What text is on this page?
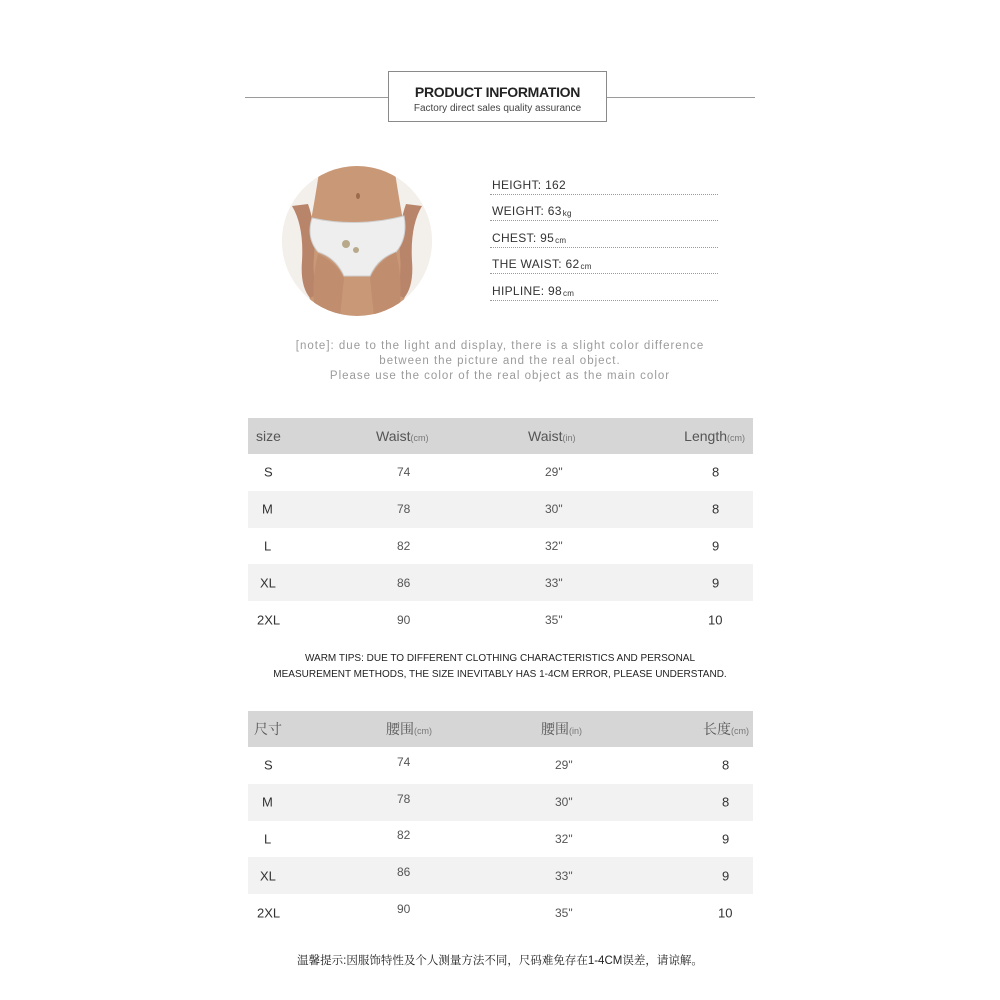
PRODUCT INFORMATION
Factory direct sales quality assurance
HEIGHT: 162
WEIGHT: 63 kg
CHEST: 95 cm
THE WAIST: 62 cm
HIPLINE: 98 cm
[note]: due to the light and display, there is a slight color difference
between the picture and the real object.
Please use the color of the real object as the main color
size	Waist(cm)	Waist(in)	Length(cm)
S	74	29"	8
M	78	30"	8
L	82	32"	9
XL	86	33"	9
2XL	90	35"	10
WARM TIPS: DUE TO DIFFERENT CLOTHING CHARACTERISTICS AND PERSONAL
MEASUREMENT METHODS, THE SIZE INEVITABLY HAS 1-4CM ERROR, PLEASE UNDERSTAND.
尺寸	腰围(cm)	腰围(in)	长度(cm)
S	74	29"	8
M	78	30"	8
L	82	32"	9
XL	86	33"	9
2XL	90	35"	10
温馨提示:因服饰特性及个人测量方法不同，尺码难免存在1-4CM误差，请谅解。
